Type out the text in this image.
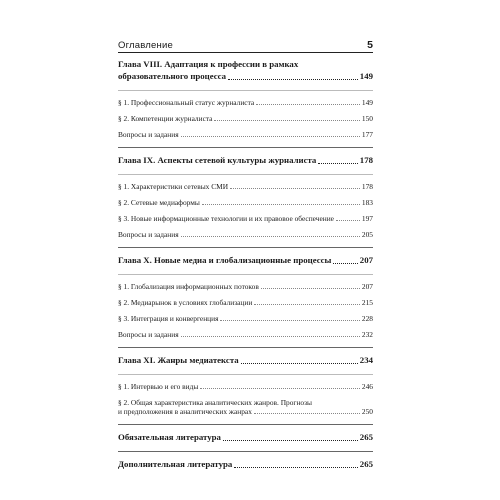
Оглавление	5
Глава VIII. Адаптация к профессии в рамках
образовательного процесса	149
§ 1. Профессиональный статус журналиста	149
§ 2. Компетенции журналиста	150
Вопросы и задания	177
Глава IX. Аспекты сетевой культуры журналиста	178
§ 1. Характеристики сетевых СМИ	178
§ 2. Сетевые медиаформы	183
§ 3. Новые информационные технологии и их правовое обеспечение	197
Вопросы и задания	205
Глава X. Новые медиа и глобализационные процессы	207
§ 1. Глобализация информационных потоков	207
§ 2. Медиарынок в условиях глобализации	215
§ 3. Интеграция и конвергенция	228
Вопросы и задания	232
Глава XI. Жанры медиатекста	234
§ 1. Интервью и его виды	246
§ 2. Общая характеристика аналитических жанров. Прогнозы
и предположения в аналитических жанрах	250
Обязательная литература	265
Дополнительная литература	265
